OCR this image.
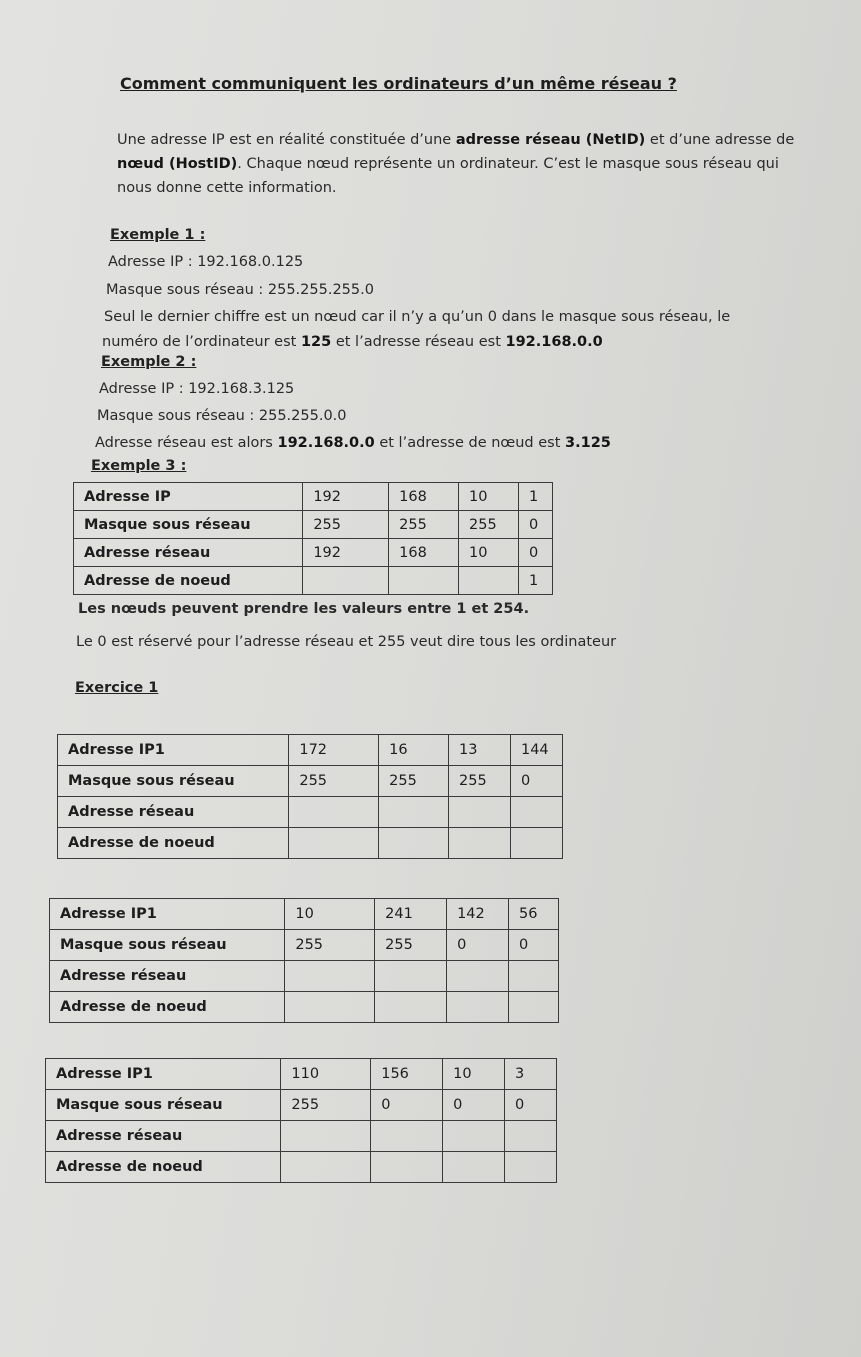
Comment communiquent les ordinateurs d’un même réseau ?
Une adresse IP est en réalité constituée d’une adresse réseau (NetID) et d’une adresse de
nœud (HostID). Chaque nœud représente un ordinateur. C’est le masque sous réseau qui
nous donne cette information.
Exemple 1 :
Adresse IP : 192.168.0.125
Masque sous réseau : 255.255.255.0
Seul le dernier chiffre est un nœud car il n’y a qu’un 0 dans le masque sous réseau, le
numéro de l’ordinateur est 125 et l’adresse réseau est 192.168.0.0
Exemple 2 :
Adresse IP : 192.168.3.125
Masque sous réseau : 255.255.0.0
Adresse réseau est alors 192.168.0.0 et l’adresse de nœud est 3.125
Exemple 3 :
Adresse IP	192	168	10	1
Masque sous réseau	255	255	255	0
Adresse réseau	192	168	10	0
Adresse de noeud				1
Les nœuds peuvent prendre les valeurs entre 1 et 254.
Le 0 est réservé pour l’adresse réseau et 255 veut dire tous les ordinateur
Exercice 1
Adresse IP1	172	16	13	144
Masque sous réseau	255	255	255	0
Adresse réseau				
Adresse de noeud				
Adresse IP1	10	241	142	56
Masque sous réseau	255	255	0	0
Adresse réseau				
Adresse de noeud				
Adresse IP1	110	156	10	3
Masque sous réseau	255	0	0	0
Adresse réseau				
Adresse de noeud				
